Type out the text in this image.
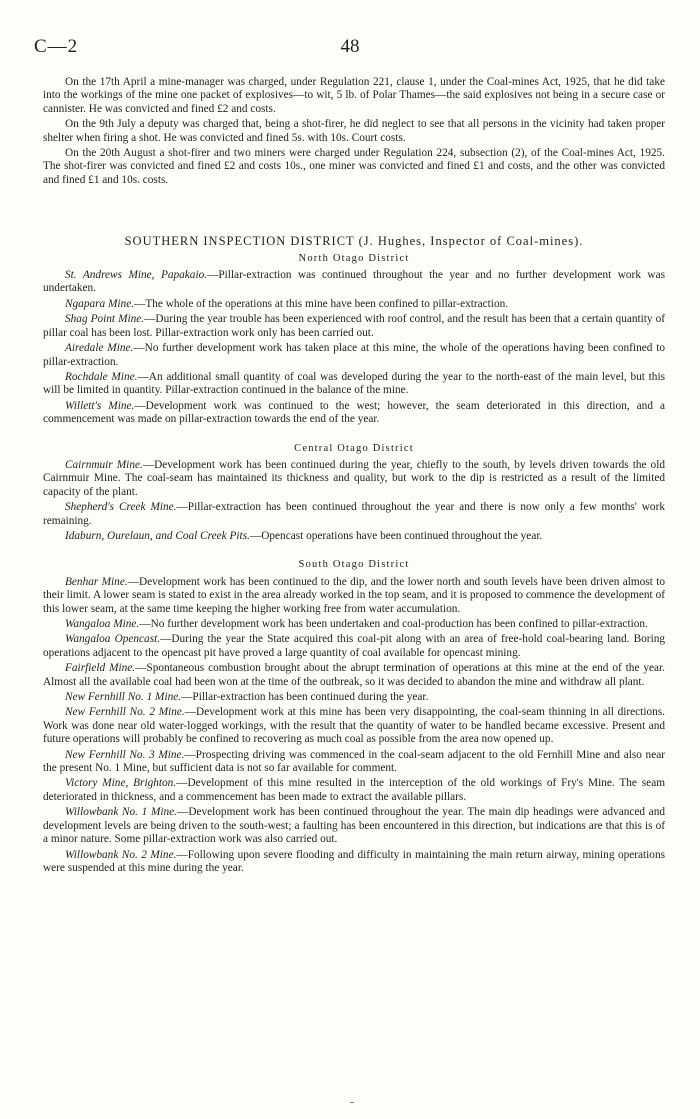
C—2	48

On the 17th April a mine-manager was charged, under Regulation 221, clause 1, under the Coal-mines Act, 1925, that he did take into the workings of the mine one packet of explosives—to wit, 5 lb. of Polar Thames—the said explosives not being in a secure case or cannister. He was convicted and fined £2 and costs.

On the 9th July a deputy was charged that, being a shot-firer, he did neglect to see that all persons in the vicinity had taken proper shelter when firing a shot. He was convicted and fined 5s. with 10s. Court costs.

On the 20th August a shot-firer and two miners were charged under Regulation 224, subsection (2), of the Coal-mines Act, 1925. The shot-firer was convicted and fined £2 and costs 10s., one miner was convicted and fined £1 and costs, and the other was convicted and fined £1 and 10s. costs.

SOUTHERN INSPECTION DISTRICT (J. Hughes, Inspector of Coal-mines).

North Otago District

St. Andrews Mine, Papakaio.—Pillar-extraction was continued throughout the year and no further development work was undertaken.

Ngapara Mine.—The whole of the operations at this mine have been confined to pillar-extraction.

Shag Point Mine.—During the year trouble has been experienced with roof control, and the result has been that a certain quantity of pillar coal has been lost. Pillar-extraction work only has been carried out.

Airedale Mine.—No further development work has taken place at this mine, the whole of the operations having been confined to pillar-extraction.

Rochdale Mine.—An additional small quantity of coal was developed during the year to the north-east of the main level, but this will be limited in quantity. Pillar-extraction continued in the balance of the mine.

Willett's Mine.—Development work was continued to the west; however, the seam deteriorated in this direction, and a commencement was made on pillar-extraction towards the end of the year.

Central Otago District

Cairnmuir Mine.—Development work has been continued during the year, chiefly to the south, by levels driven towards the old Cairnmuir Mine. The coal-seam has maintained its thickness and quality, but work to the dip is restricted as a result of the limited capacity of the plant.

Shepherd's Creek Mine.—Pillar-extraction has been continued throughout the year and there is now only a few months' work remaining.

Idaburn, Ourelaun, and Coal Creek Pits.—Opencast operations have been continued throughout the year.

South Otago District

Benhar Mine.—Development work has been continued to the dip, and the lower north and south levels have been driven almost to their limit. A lower seam is stated to exist in the area already worked in the top seam, and it is proposed to commence the development of this lower seam, at the same time keeping the higher working free from water accumulation.

Wangaloa Mine.—No further development work has been undertaken and coal-production has been confined to pillar-extraction.

Wangaloa Opencast.—During the year the State acquired this coal-pit along with an area of free-hold coal-bearing land. Boring operations adjacent to the opencast pit have proved a large quantity of coal available for opencast mining.

Fairfield Mine.—Spontaneous combustion brought about the abrupt termination of operations at this mine at the end of the year. Almost all the available coal had been won at the time of the outbreak, so it was decided to abandon the mine and withdraw all plant.

New Fernhill No. 1 Mine.—Pillar-extraction has been continued during the year.

New Fernhill No. 2 Mine.—Development work at this mine has been very disappointing, the coal-seam thinning in all directions. Work was done near old water-logged workings, with the result that the quantity of water to be handled became excessive. Present and future operations will probably be confined to recovering as much coal as possible from the area now opened up.

New Fernhill No. 3 Mine.—Prospecting driving was commenced in the coal-seam adjacent to the old Fernhill Mine and also near the present No. 1 Mine, but sufficient data is not so far available for comment.

Victory Mine, Brighton.—Development of this mine resulted in the interception of the old workings of Fry's Mine. The seam deteriorated in thickness, and a commencement has been made to extract the available pillars.

Willowbank No. 1 Mine.—Development work has been continued throughout the year. The main dip headings were advanced and development levels are being driven to the south-west; a faulting has been encountered in this direction, but indications are that this is of a minor nature. Some pillar-extraction work was also carried out.

Willowbank No. 2 Mine.—Following upon severe flooding and difficulty in maintaining the main return airway, mining operations were suspended at this mine during the year.
